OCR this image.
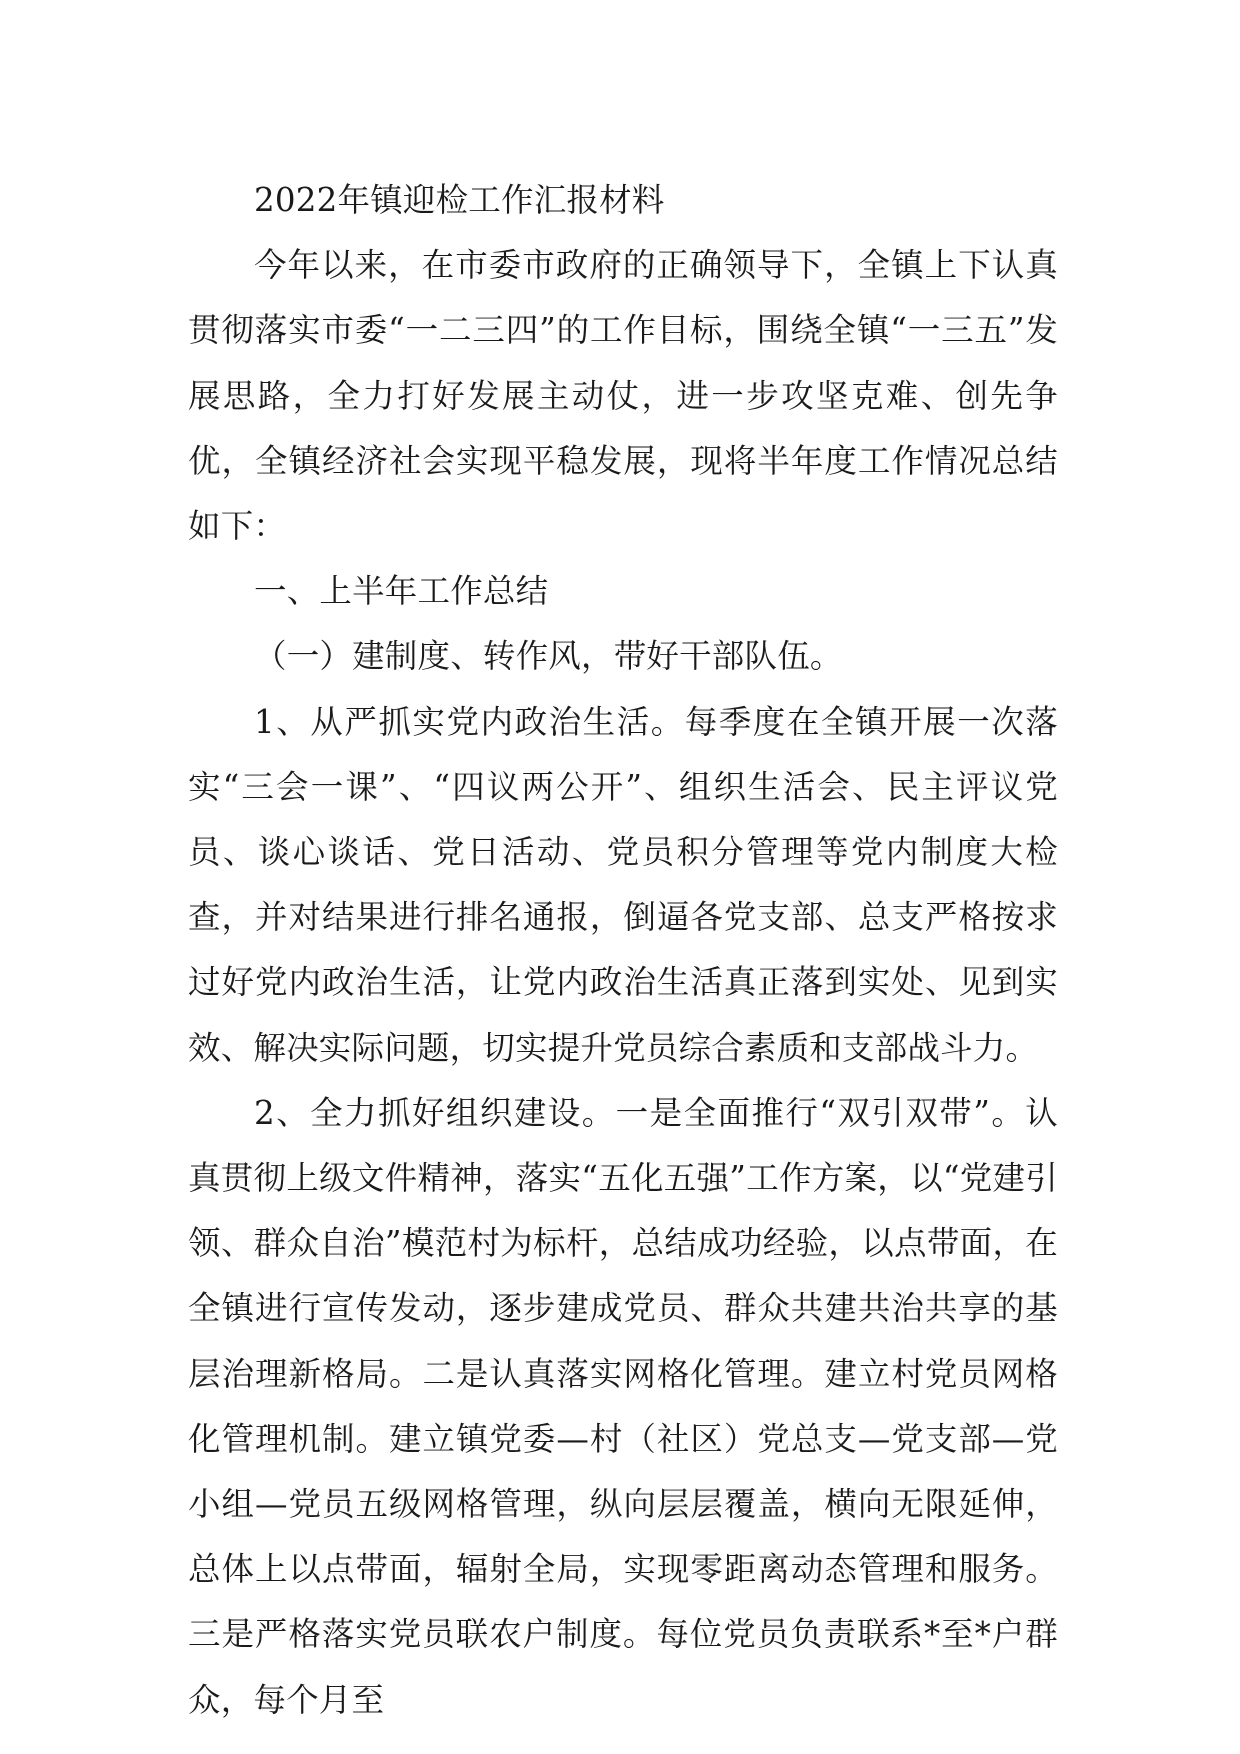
2022年镇迎检工作汇报材料

今年以来，在市委市政府的正确领导下，全镇上下认真贯彻落实市委“一二三四”的工作目标，围绕全镇“一三五”发展思路，全力打好发展主动仗，进一步攻坚克难、创先争优，全镇经济社会实现平稳发展，现将半年度工作情况总结如下：

一、上半年工作总结

（一）建制度、转作风，带好干部队伍。

1、从严抓实党内政治生活。每季度在全镇开展一次落实“三会一课”、“四议两公开”、组织生活会、民主评议党员、谈心谈话、党日活动、党员积分管理等党内制度大检查，并对结果进行排名通报，倒逼各党支部、总支严格按求过好党内政治生活，让党内政治生活真正落到实处、见到实效、解决实际问题，切实提升党员综合素质和支部战斗力。

2、全力抓好组织建设。一是全面推行“双引双带”。认真贯彻上级文件精神，落实“五化五强”工作方案，以“党建引领、群众自治”模范村为标杆，总结成功经验，以点带面，在全镇进行宣传发动，逐步建成党员、群众共建共治共享的基层治理新格局。二是认真落实网格化管理。建立村党员网格化管理机制。建立镇党委—村（社区）党总支—党支部—党小组—党员五级网格管理，纵向层层覆盖，横向无限延伸，总体上以点带面，辐射全局，实现零距离动态管理和服务。三是严格落实党员联农户制度。每位党员负责联系*至*户群众，每个月至
